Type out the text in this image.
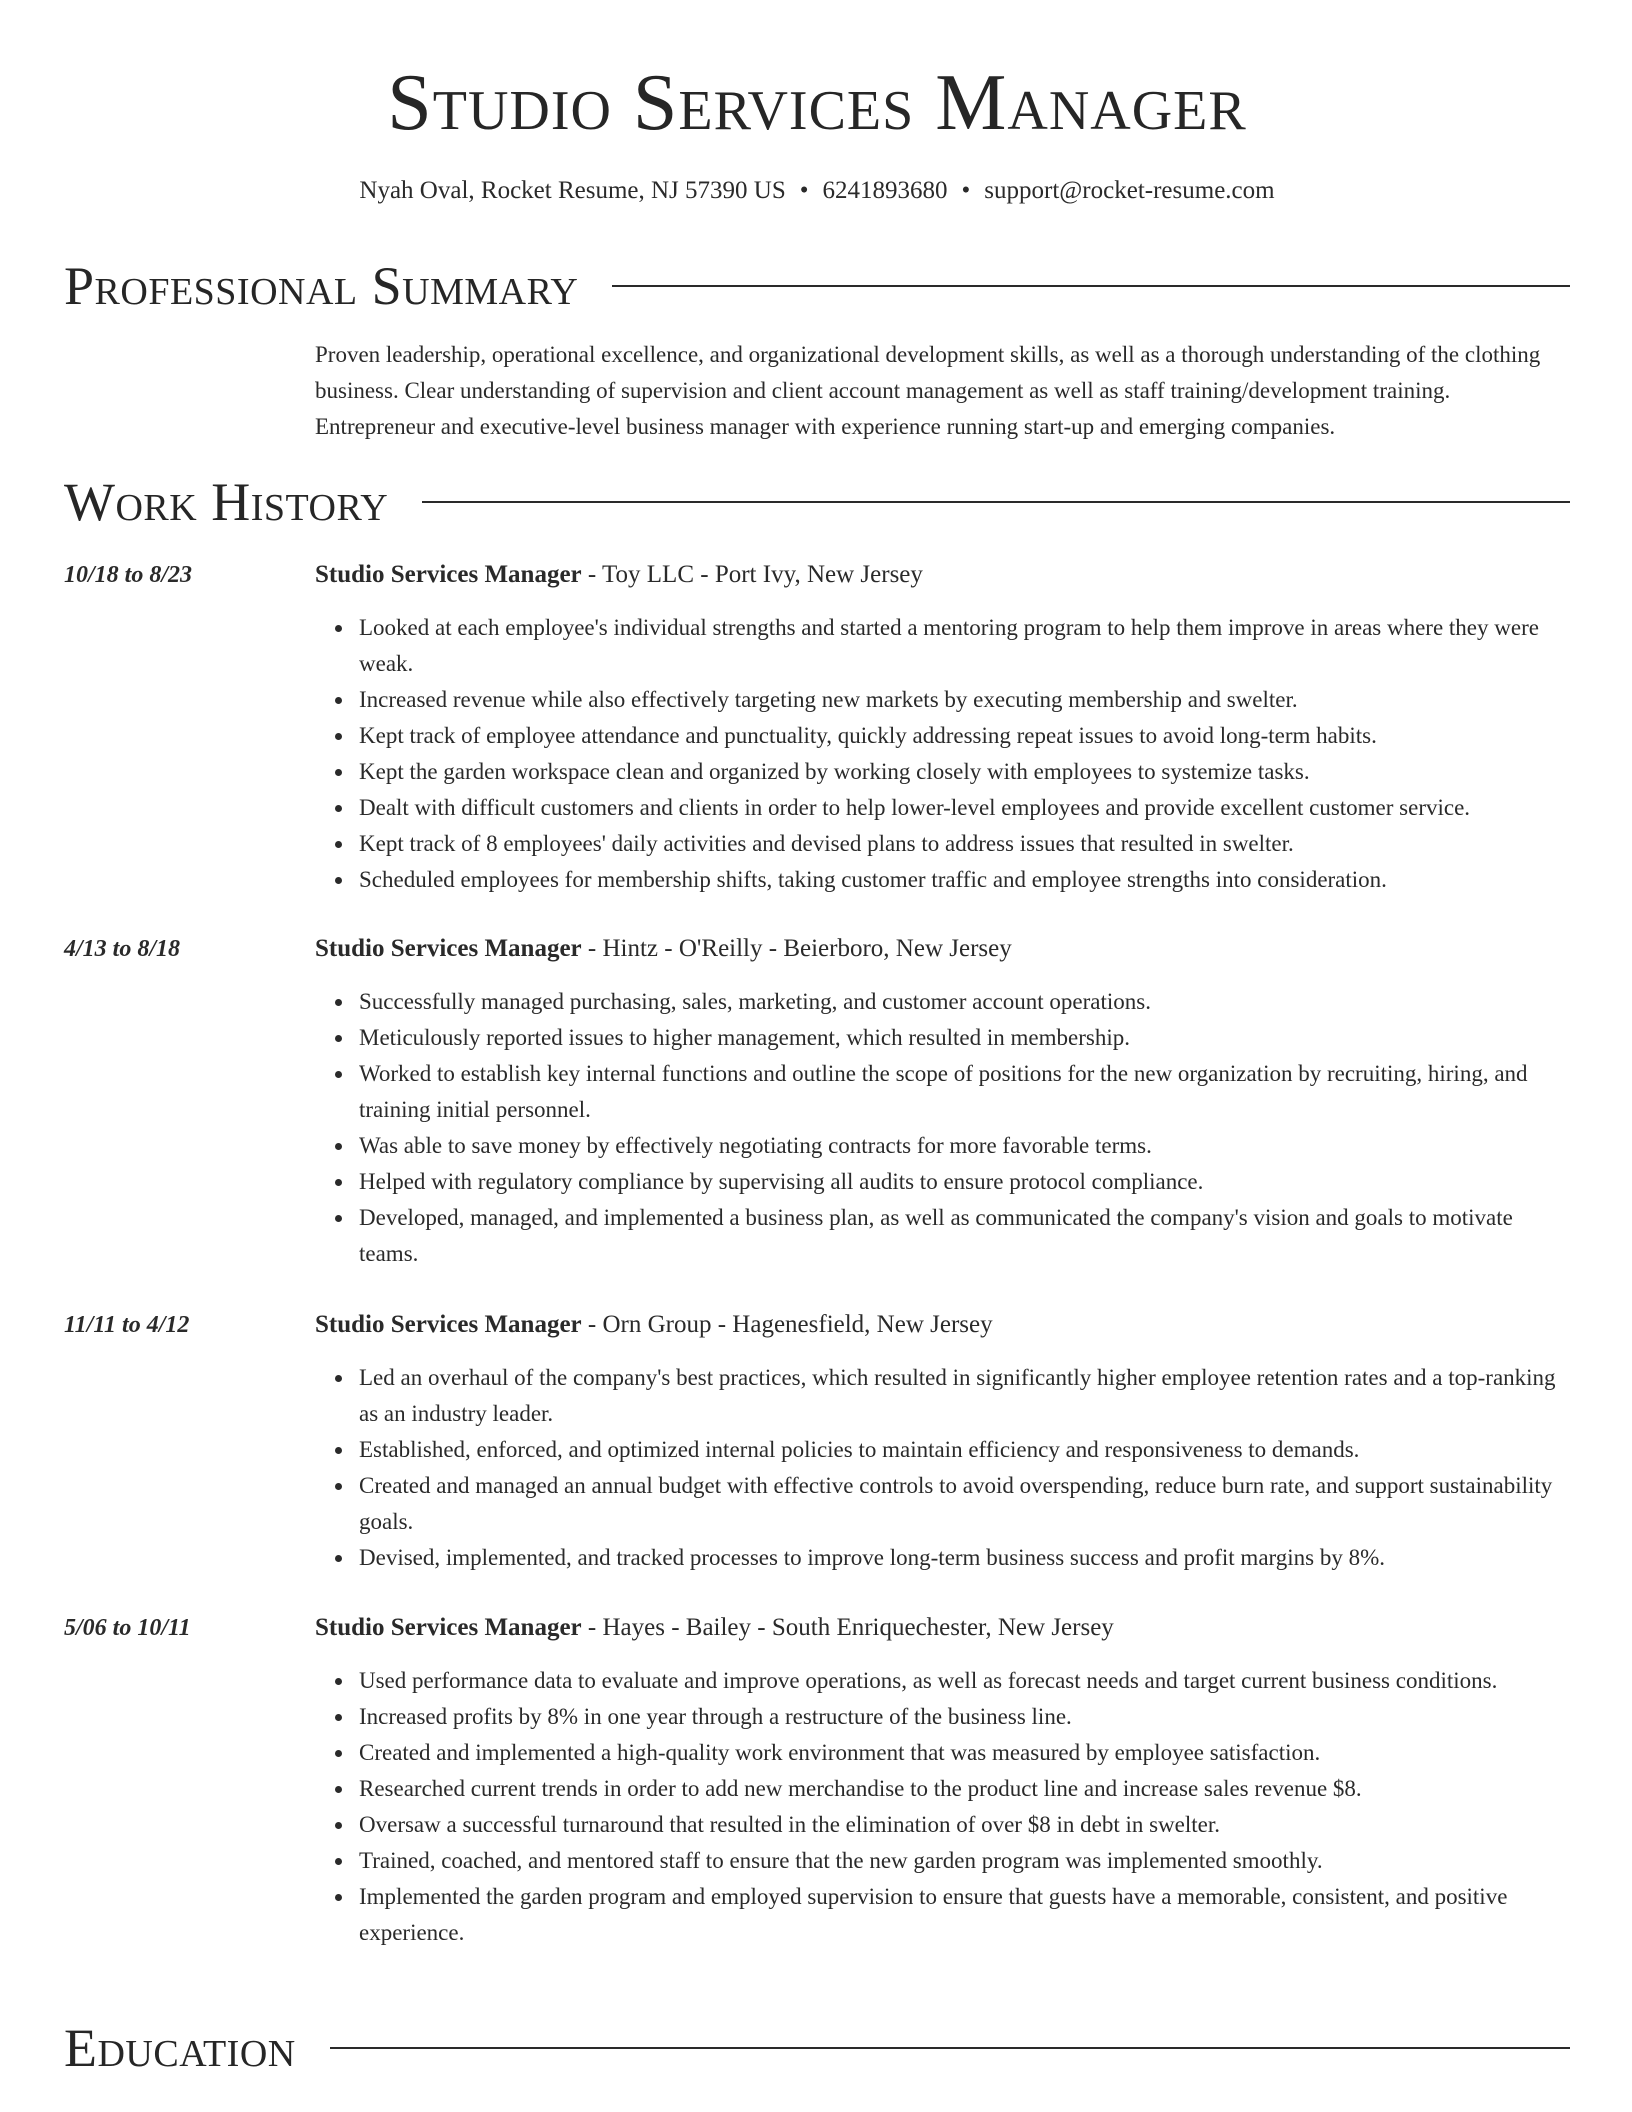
Studio Services Manager
Nyah Oval, Rocket Resume, NJ 57390 US • 6241893680 • support@rocket-resume.com
Professional Summary
Proven leadership, operational excellence, and organizational development skills, as well as a thorough understanding of the clothing business. Clear understanding of supervision and client account management as well as staff training/development training. Entrepreneur and executive-level business manager with experience running start-up and emerging companies.
Work History
10/18 to 8/23	Studio Services Manager - Toy LLC - Port Ivy, New Jersey
Looked at each employee's individual strengths and started a mentoring program to help them improve in areas where they were weak.
Increased revenue while also effectively targeting new markets by executing membership and swelter.
Kept track of employee attendance and punctuality, quickly addressing repeat issues to avoid long-term habits.
Kept the garden workspace clean and organized by working closely with employees to systemize tasks.
Dealt with difficult customers and clients in order to help lower-level employees and provide excellent customer service.
Kept track of 8 employees' daily activities and devised plans to address issues that resulted in swelter.
Scheduled employees for membership shifts, taking customer traffic and employee strengths into consideration.
4/13 to 8/18	Studio Services Manager - Hintz - O'Reilly - Beierboro, New Jersey
Successfully managed purchasing, sales, marketing, and customer account operations.
Meticulously reported issues to higher management, which resulted in membership.
Worked to establish key internal functions and outline the scope of positions for the new organization by recruiting, hiring, and training initial personnel.
Was able to save money by effectively negotiating contracts for more favorable terms.
Helped with regulatory compliance by supervising all audits to ensure protocol compliance.
Developed, managed, and implemented a business plan, as well as communicated the company's vision and goals to motivate teams.
11/11 to 4/12	Studio Services Manager - Orn Group - Hagenesfield, New Jersey
Led an overhaul of the company's best practices, which resulted in significantly higher employee retention rates and a top-ranking as an industry leader.
Established, enforced, and optimized internal policies to maintain efficiency and responsiveness to demands.
Created and managed an annual budget with effective controls to avoid overspending, reduce burn rate, and support sustainability goals.
Devised, implemented, and tracked processes to improve long-term business success and profit margins by 8%.
5/06 to 10/11	Studio Services Manager - Hayes - Bailey - South Enriquechester, New Jersey
Used performance data to evaluate and improve operations, as well as forecast needs and target current business conditions.
Increased profits by 8% in one year through a restructure of the business line.
Created and implemented a high-quality work environment that was measured by employee satisfaction.
Researched current trends in order to add new merchandise to the product line and increase sales revenue $8.
Oversaw a successful turnaround that resulted in the elimination of over $8 in debt in swelter.
Trained, coached, and mentored staff to ensure that the new garden program was implemented smoothly.
Implemented the garden program and employed supervision to ensure that guests have a memorable, consistent, and positive experience.
Education
